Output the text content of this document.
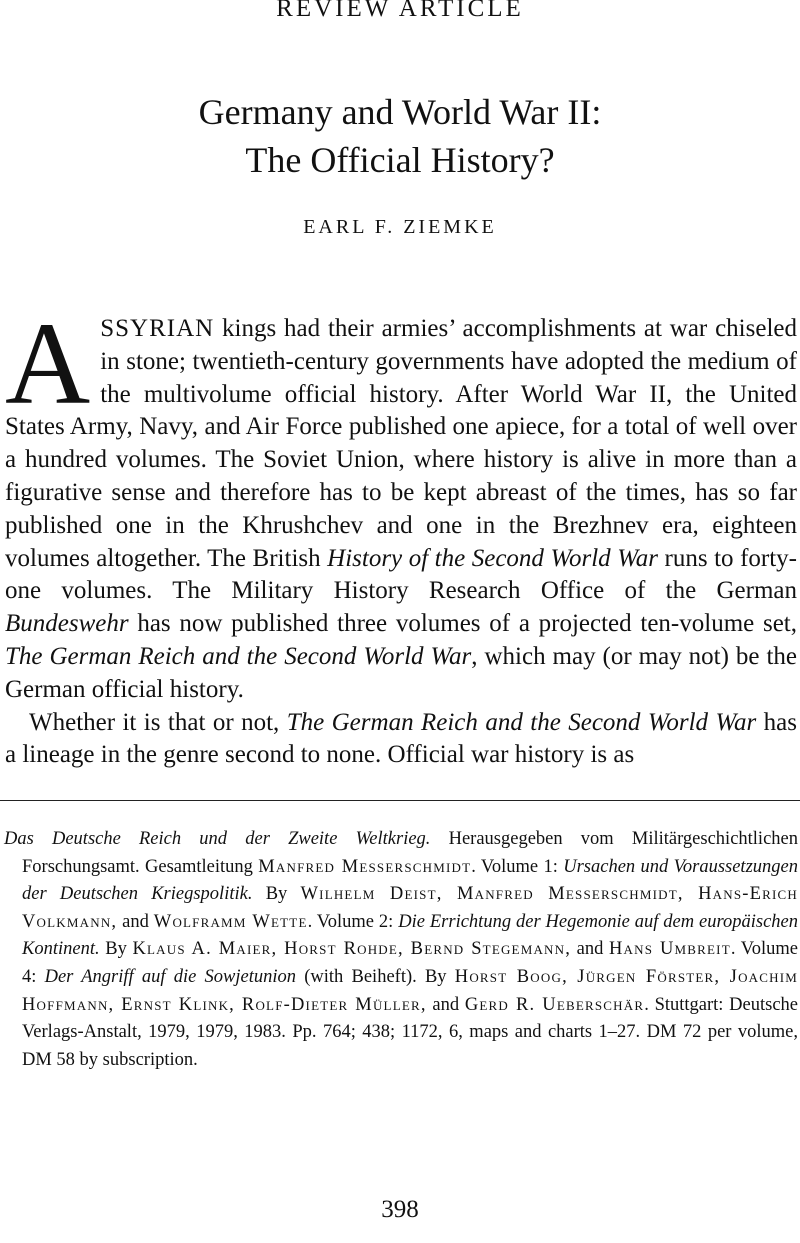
REVIEW ARTICLE
Germany and World War II:
The Official History?
EARL F. ZIEMKE

ASSYRIAN kings had their armies’ accomplishments at war chiseled in stone; twentieth-century governments have adopted the medium of the multivolume official history. After World War II, the United States Army, Navy, and Air Force published one apiece, for a total of well over a hundred volumes. The Soviet Union, where history is alive in more than a figurative sense and therefore has to be kept abreast of the times, has so far published one in the Khrushchev and one in the Brezhnev era, eighteen volumes altogether. The British History of the Second World War runs to forty-one volumes. The Military History Research Office of the German Bundeswehr has now published three volumes of a projected ten-volume set, The German Reich and the Second World War, which may (or may not) be the German official history.

Whether it is that or not, The German Reich and the Second World War has a lineage in the genre second to none. Official war history is as

Das Deutsche Reich und der Zweite Weltkrieg. Herausgegeben vom Militärgeschichtlichen Forschungsamt. Gesamtleitung Manfred Messerschmidt. Volume 1: Ursachen und Voraussetzungen der Deutschen Kriegspolitik. By Wilhelm Deist, Manfred Messerschmidt, Hans-Erich Volkmann, and Wolframm Wette. Volume 2: Die Errichtung der Hegemonie auf dem europäischen Kontinent. By Klaus A. Maier, Horst Rohde, Bernd Stegemann, and Hans Umbreit. Volume 4: Der Angriff auf die Sowjetunion (with Beiheft). By Horst Boog, Jürgen Förster, Joachim Hoffmann, Ernst Klink, Rolf-Dieter Müller, and Gerd R. Ueberschär. Stuttgart: Deutsche Verlags-Anstalt, 1979, 1979, 1983. Pp. 764; 438; 1172, 6, maps and charts 1–27. DM 72 per volume, DM 58 by subscription.
398
